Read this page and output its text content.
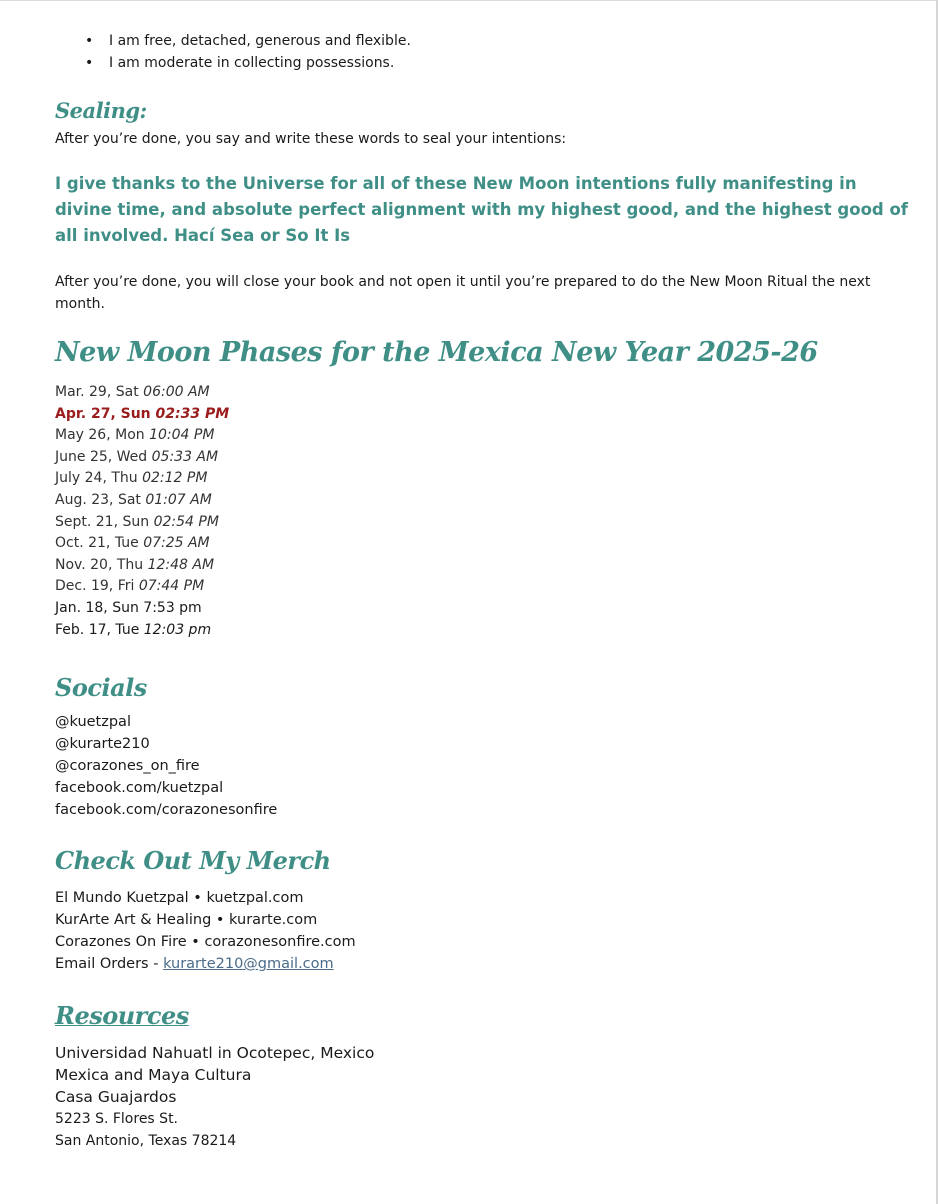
• I am free, detached, generous and flexible.
• I am moderate in collecting possessions.
Sealing:
After you’re done, you say and write these words to seal your intentions:
I give thanks to the Universe for all of these New Moon intentions fully manifesting in divine time, and absolute perfect alignment with my highest good, and the highest good of all involved. Hací Sea or So It Is
After you’re done, you will close your book and not open it until you’re prepared to do the New Moon Ritual the next month.
New Moon Phases for the Mexica New Year 2025-26
Mar. 29, Sat 06:00 AM
Apr. 27, Sun 02:33 PM
May 26, Mon 10:04 PM
June 25, Wed 05:33 AM
July 24, Thu 02:12 PM
Aug. 23, Sat 01:07 AM
Sept. 21, Sun 02:54 PM
Oct. 21, Tue 07:25 AM
Nov. 20, Thu 12:48 AM
Dec. 19, Fri 07:44 PM
Jan. 18, Sun 7:53 pm
Feb. 17, Tue 12:03 pm
Socials
@kuetzpal
@kurarte210
@corazones_on_fire
facebook.com/kuetzpal
facebook.com/corazonesonfire
Check Out My Merch
El Mundo Kuetzpal • kuetzpal.com
KurArte Art & Healing • kurarte.com
Corazones On Fire • corazonesonfire.com
Email Orders - kurarte210@gmail.com
Resources
Universidad Nahuatl in Ocotepec, Mexico
Mexica and Maya Cultura
Casa Guajardos
5223 S. Flores St.
San Antonio, Texas 78214
